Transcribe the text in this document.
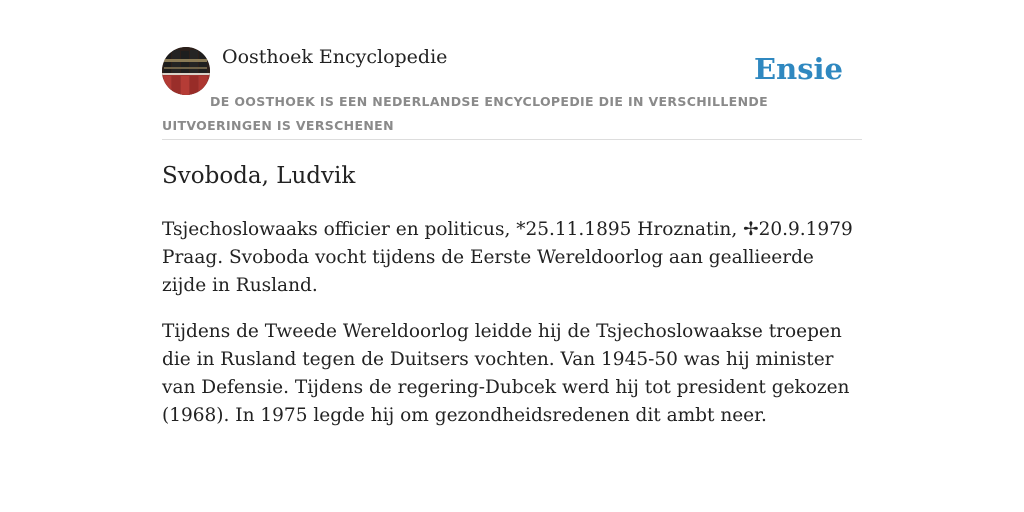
Oosthoek Encyclopedie	Ensie
DE OOSTHOEK IS EEN NEDERLANDSE ENCYCLOPEDIE DIE IN VERSCHILLENDE UITVOERINGEN IS VERSCHENEN
Svoboda, Ludvik

Tsjechoslowaaks officier en politicus, *25.11.1895 Hroznatin, ✢20.9.1979 Praag. Svoboda vocht tijdens de Eerste Wereldoorlog aan geallieerde zijde in Rusland.

Tijdens de Tweede Wereldoorlog leidde hij de Tsjechoslowaakse troepen die in Rusland tegen de Duitsers vochten. Van 1945-50 was hij minister van Defensie. Tijdens de regering-Dubcek werd hij tot president gekozen (1968). In 1975 legde hij om gezondheidsredenen dit ambt neer.
